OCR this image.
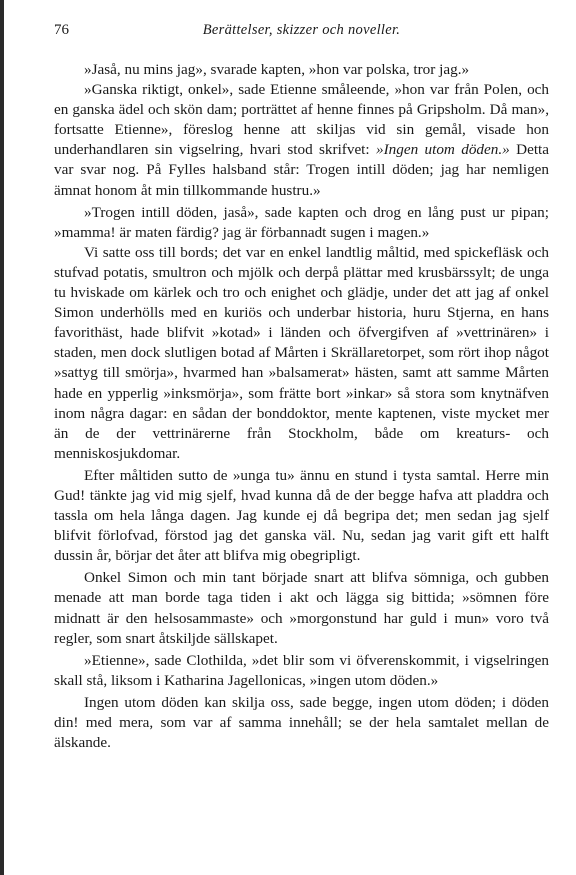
76	Berättelser, skizzer och noveller.

»Jaså, nu mins jag», svarade kapten, »hon var polska, tror jag.»

»Ganska riktigt, onkel», sade Etienne småleende, »hon var från Polen, och en ganska ädel och skön dam; porträttet af henne finnes på Gripsholm. Då man», fortsatte Etienne», föreslog henne att skiljas vid sin gemål, visade hon underhandlaren sin vigselring, hvari stod skrifvet: »Ingen utom döden.» Detta var svar nog. På Fylles halsband står: Trogen intill döden; jag har nemligen ämnat honom åt min tillkommande hustru.»

»Trogen intill döden, jaså», sade kapten och drog en lång pust ur pipan; »mamma! är maten färdig? jag är förbannadt sugen i magen.»

Vi satte oss till bords; det var en enkel landtlig måltid, med spickefläsk och stufvad potatis, smultron och mjölk och derpå plättar med krusbärssylt; de unga tu hviskade om kärlek och tro och enighet och glädje, under det att jag af onkel Simon underhölls med en kuriös och underbar historia, huru Stjerna, en hans favorithäst, hade blifvit »kotad» i länden och öfvergifven af »vettrinären» i staden, men dock slutligen botad af Mårten i Skrällaretorpet, som rört ihop något »sattyg till smörja», hvarmed han »balsamerat» hästen, samt att samme Mårten hade en ypperlig »inksmörja», som frätte bort »inkar» så stora som knytnäfven inom några dagar: en sådan der bonddoktor, mente kaptenen, viste mycket mer än de der vettrinärerne från Stockholm, både om kreaturs- och menniskosjukdomar.

Efter måltiden sutto de »unga tu» ännu en stund i tysta samtal. Herre min Gud! tänkte jag vid mig sjelf, hvad kunna då de der begge hafva att pladdra och tassla om hela långa dagen. Jag kunde ej då begripa det; men sedan jag sjelf blifvit förlofvad, förstod jag det ganska väl. Nu, sedan jag varit gift ett halft dussin år, börjar det åter att blifva mig obegripligt.

Onkel Simon och min tant började snart att blifva sömniga, och gubben menade att man borde taga tiden i akt och lägga sig bittida; »sömnen före midnatt är den helsosammaste» och »morgonstund har guld i mun» voro två regler, som snart åtskiljde sällskapet.

»Etienne», sade Clothilda, »det blir som vi öfverenskommit, i vigselringen skall stå, liksom i Katharina Jagellonicas, »ingen utom döden.»

Ingen utom döden kan skilja oss, sade begge, ingen utom döden; i döden din! med mera, som var af samma innehåll; se der hela samtalet mellan de älskande.
